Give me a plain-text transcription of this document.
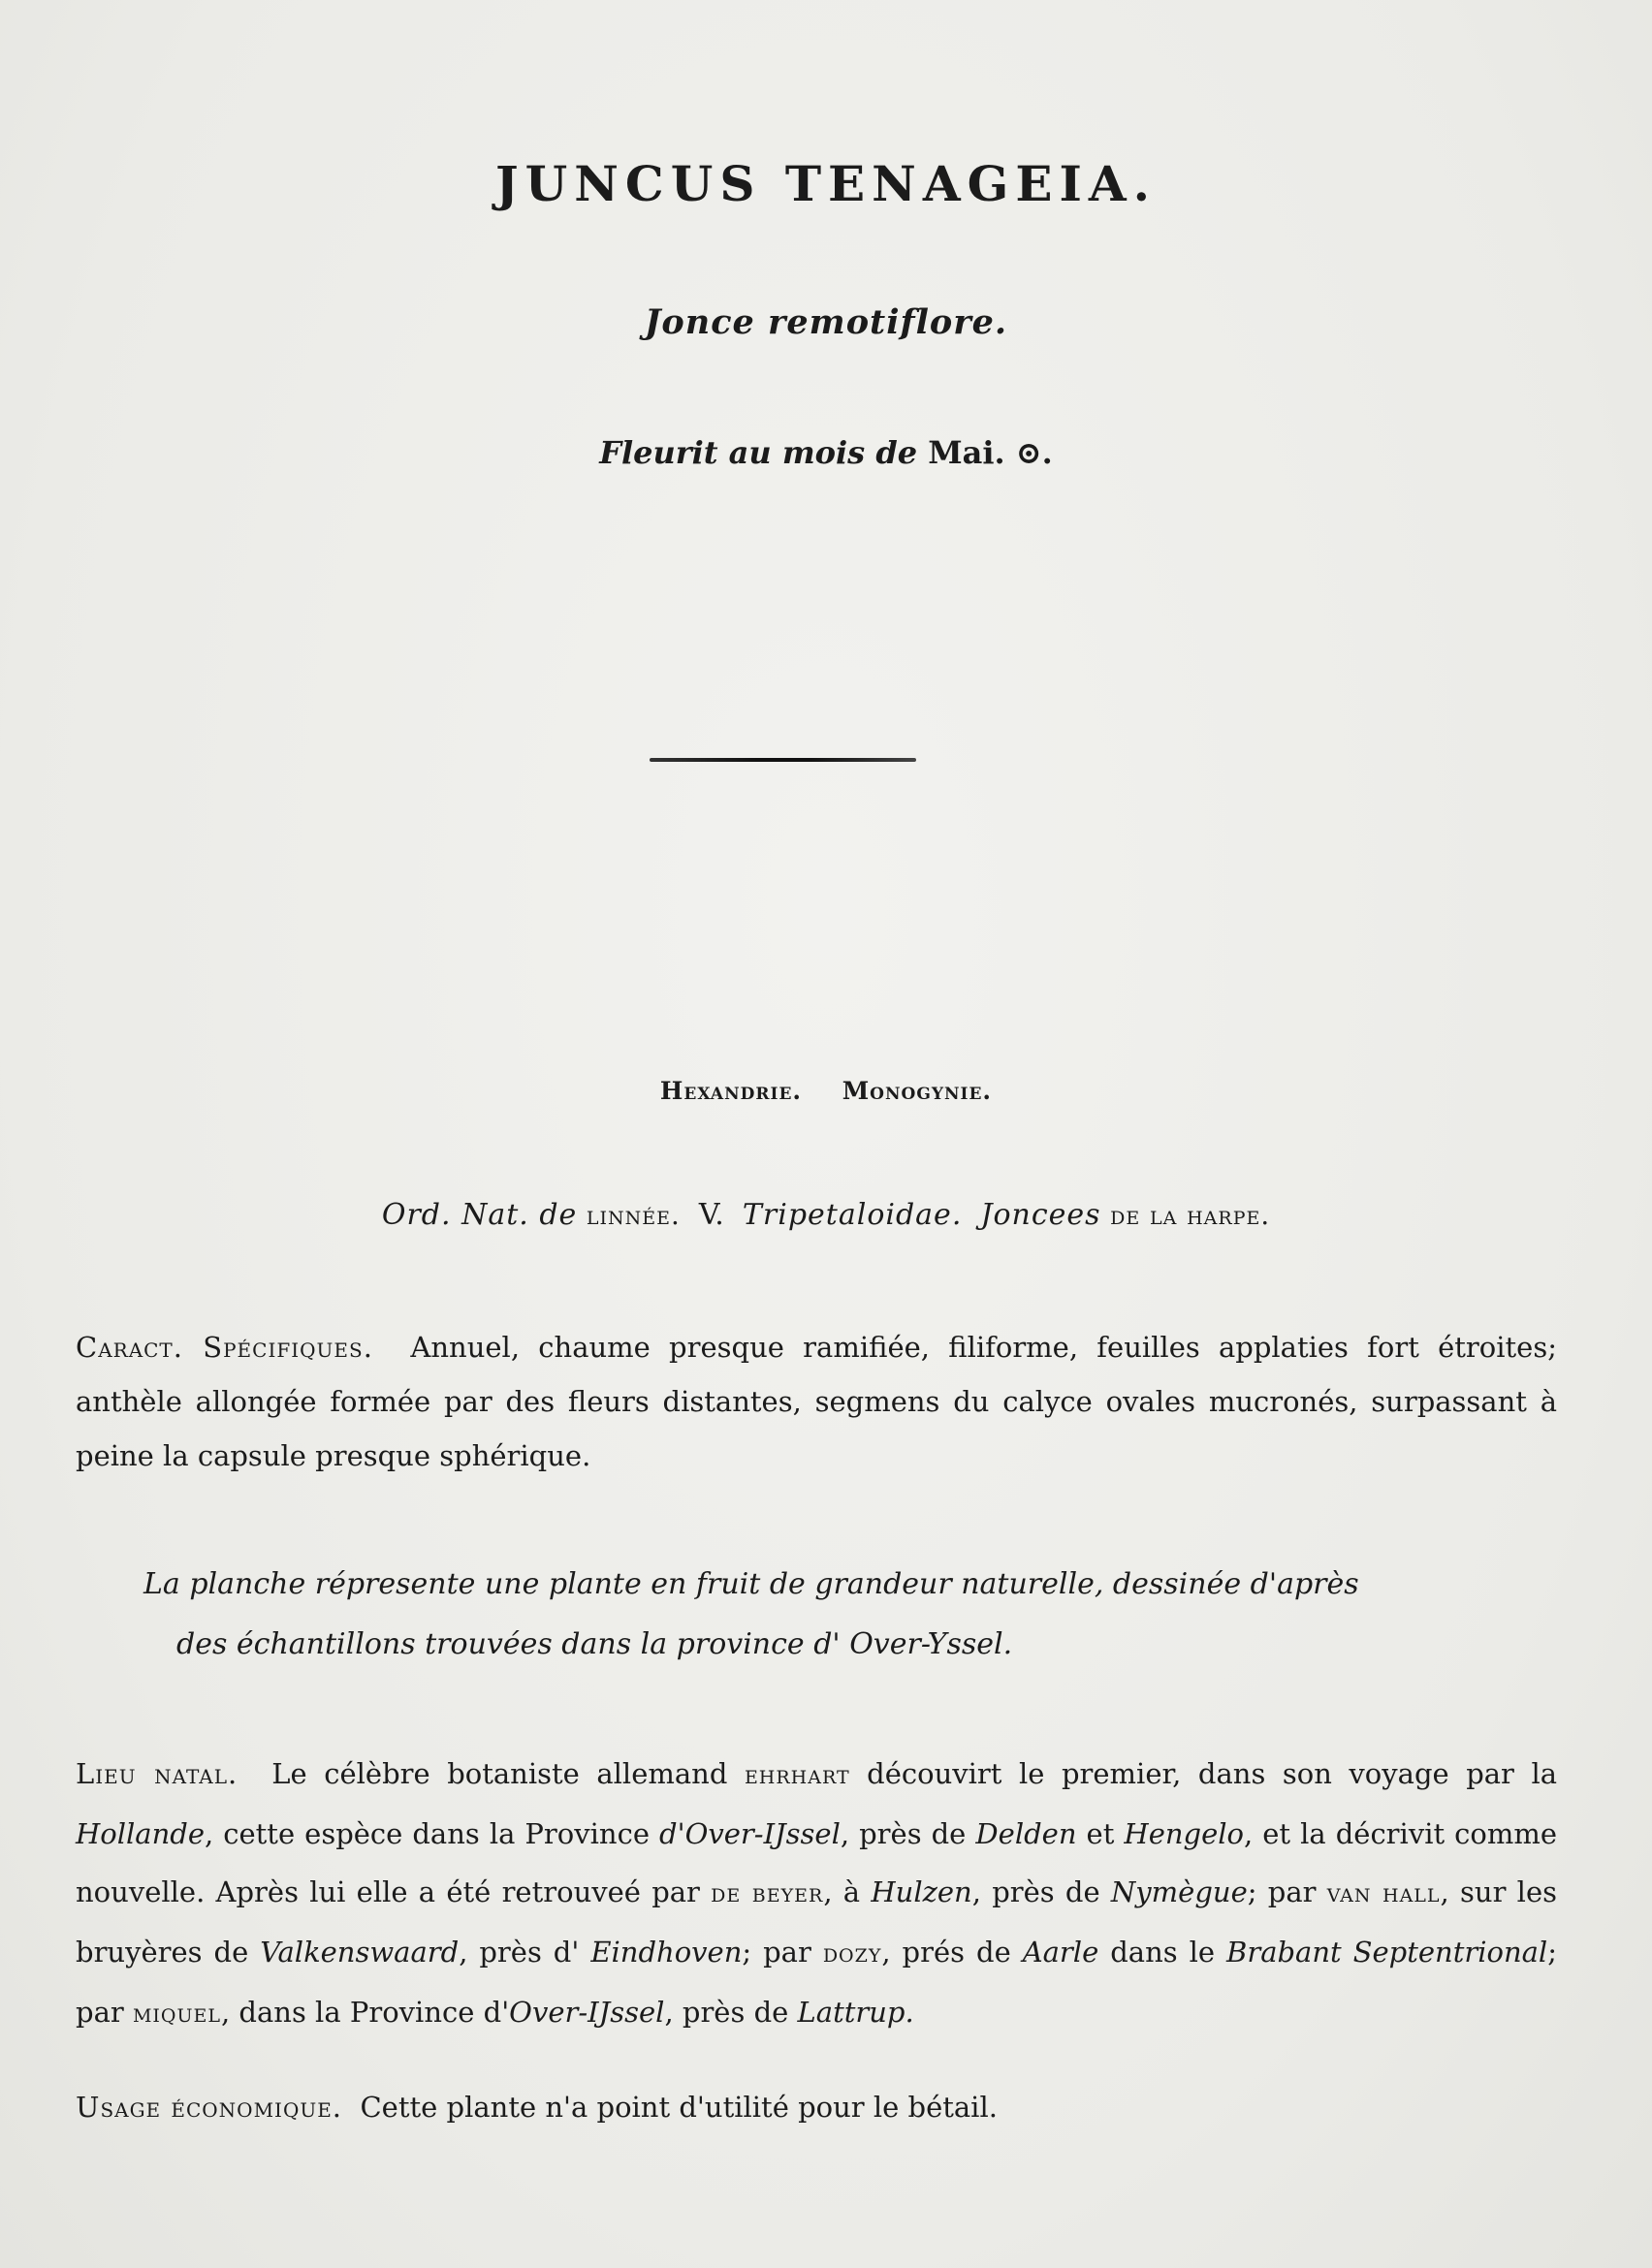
JUNCUS TENAGEIA.
Jonce remotiflore.
Fleurit au mois de Mai. ⊙.
Hexandrie. Monogynie.
Ord. Nat. de linnée. V. Tripetaloidae. Joncees de la harpe.
Caract. Spécifiques. Annuel, chaume presque ramifiée, filiforme, feuilles applaties fort étroites; anthèle allongée formée par des fleurs distantes, segmens du calyce ovales mucronés, surpassant à peine la capsule presque sphérique.
La planche répresente une plante en fruit de grandeur naturelle, dessinée d'après
des échantillons trouvées dans la province d' Over-Yssel.
Lieu natal. Le célèbre botaniste allemand ehrhart découvirt le premier, dans son voyage par la Hollande, cette espèce dans la Province d'Over-IJssel, près de Delden et Hengelo, et la décrivit comme nouvelle. Après lui elle a été retrouveé par de beyer, à Hulzen, près de Nymègue; par van hall, sur les bruyères de Valkenswaard, près d' Eindhoven; par dozy, prés de Aarle dans le Brabant Septentrional; par miquel, dans la Province d'Over-IJssel, près de Lattrup.
Usage économique. Cette plante n'a point d'utilité pour le bétail.
